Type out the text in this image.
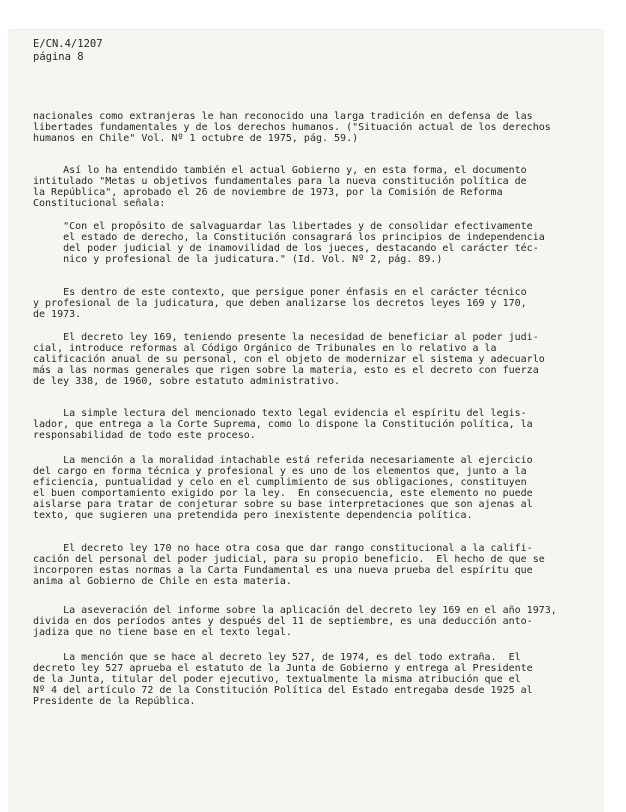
E/CN.4/1207
página 8
nacionales como extranjeras le han reconocido una larga tradición en defensa de las
libertades fundamentales y de los derechos humanos. ("Situación actual de los derechos
humanos en Chile" Vol. Nº 1 octubre de 1975, pág. 59.)
Así lo ha entendido también el actual Gobierno y, en esta forma, el documento
intitulado "Metas u objetivos fundamentales para la nueva constitución política de
la República", aprobado el 26 de noviembre de 1973, por la Comisión de Reforma
Constitucional señala:
"Con el propósito de salvaguardar las libertades y de consolidar efectivamente
el estado de derecho, la Constitución consagrará los principios de independencia
del poder judicial y de inamovilidad de los jueces, destacando el carácter téc-
nico y profesional de la judicatura." (Id. Vol. Nº 2, pág. 89.)
Es dentro de este contexto, que persigue poner énfasis en el carácter técnico
y profesional de la judicatura, que deben analizarse los decretos leyes 169 y 170,
de 1973.
El decreto ley 169, teniendo presente la necesidad de beneficiar al poder judi-
cial, introduce reformas al Código Orgánico de Tribunales en lo relativo a la
calificación anual de su personal, con el objeto de modernizar el sistema y adecuarlo
más a las normas generales que rigen sobre la materia, esto es el decreto con fuerza
de ley 338, de 1960, sobre estatuto administrativo.
La simple lectura del mencionado texto legal evidencia el espíritu del legis-
lador, que entrega a la Corte Suprema, como lo dispone la Constitución política, la
responsabilidad de todo este proceso.
La mención a la moralidad intachable está referida necesariamente al ejercicio
del cargo en forma técnica y profesional y es uno de los elementos que, junto a la
eficiencia, puntualidad y celo en el cumplimiento de sus obligaciones, constituyen
el buen comportamiento exigido por la ley.  En consecuencia, este elemento no puede
aislarse para tratar de conjeturar sobre su base interpretaciones que son ajenas al
texto, que sugieren una pretendida pero inexistente dependencia política.
El decreto ley 170 no hace otra cosa que dar rango constitucional a la califi-
cación del personal del poder judicial, para su propio beneficio.  El hecho de que se
incorporen estas normas a la Carta Fundamental es una nueva prueba del espíritu que
anima al Gobierno de Chile en esta materia.
La aseveración del informe sobre la aplicación del decreto ley 169 en el año 1973,
divida en dos períodos antes y después del 11 de septiembre, es una deducción anto-
jadiza que no tiene base en el texto legal.
La mención que se hace al decreto ley 527, de 1974, es del todo extraña.  El
decreto ley 527 aprueba el estatuto de la Junta de Gobierno y entrega al Presidente
de la Junta, titular del poder ejecutivo, textualmente la misma atribución que el
Nº 4 del artículo 72 de la Constitución Política del Estado entregaba desde 1925 al
Presidente de la República.
